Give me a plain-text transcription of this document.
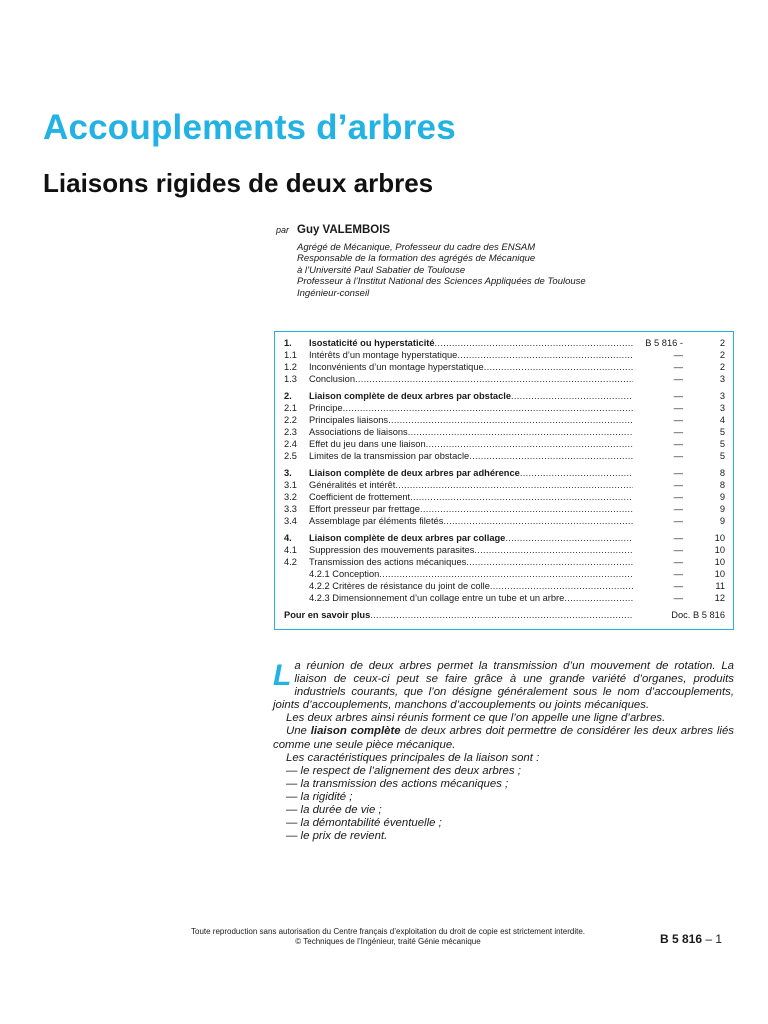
Accouplements d’arbres
Liaisons rigides de deux arbres
par Guy VALEMBOIS
Agrégé de Mécanique, Professeur du cadre des ENSAM
Responsable de la formation des agrégés de Mécanique
à l’Université Paul Sabatier de Toulouse
Professeur à l’Institut National des Sciences Appliquées de Toulouse
Ingénieur-conseil
1.	Isostaticité ou hyperstaticité .....	B 5 816 -	2
1.1	Intérêts d’un montage hyperstatique .....	—	2
1.2	Inconvénients d’un montage hyperstatique .....	—	2
1.3	Conclusion .....	—	3
2.	Liaison complète de deux arbres par obstacle .....	—	3
2.1	Principe .....	—	3
2.2	Principales liaisons .....	—	4
2.3	Associations de liaisons .....	—	5
2.4	Effet du jeu dans une liaison .....	—	5
2.5	Limites de la transmission par obstacle .....	—	5
3.	Liaison complète de deux arbres par adhérence .....	—	8
3.1	Généralités et intérêt .....	—	8
3.2	Coefficient de frottement .....	—	9
3.3	Effort presseur par frettage .....	—	9
3.4	Assemblage par éléments filetés .....	—	9
4.	Liaison complète de deux arbres par collage .....	—	10
4.1	Suppression des mouvements parasites .....	—	10
4.2	Transmission des actions mécaniques .....	—	10
4.2.1 Conception .....	—	10
4.2.2 Critères de résistance du joint de colle .....	—	11
4.2.3 Dimensionnement d’un collage entre un tube et un arbre .....	—	12
Pour en savoir plus .....	Doc. B 5 816

La réunion de deux arbres permet la transmission d’un mouvement de rotation. La liaison de ceux-ci peut se faire grâce à une grande variété d’organes, produits industriels courants, que l’on désigne généralement sous le nom d’accouplements, joints d’accouplements, manchons d’accouplements ou joints mécaniques.

Les deux arbres ainsi réunis forment ce que l’on appelle une ligne d’arbres.

Une liaison complète de deux arbres doit permettre de considérer les deux arbres liés comme une seule pièce mécanique.

Les caractéristiques principales de la liaison sont :

— le respect de l’alignement des deux arbres ;

— la transmission des actions mécaniques ;

— la rigidité ;

— la durée de vie ;

— la démontabilité éventuelle ;

— le prix de revient.

Toute reproduction sans autorisation du Centre français d’exploitation du droit de copie est strictement interdite.
© Techniques de l’Ingénieur, traité Génie mécanique	B 5 816 – 1
